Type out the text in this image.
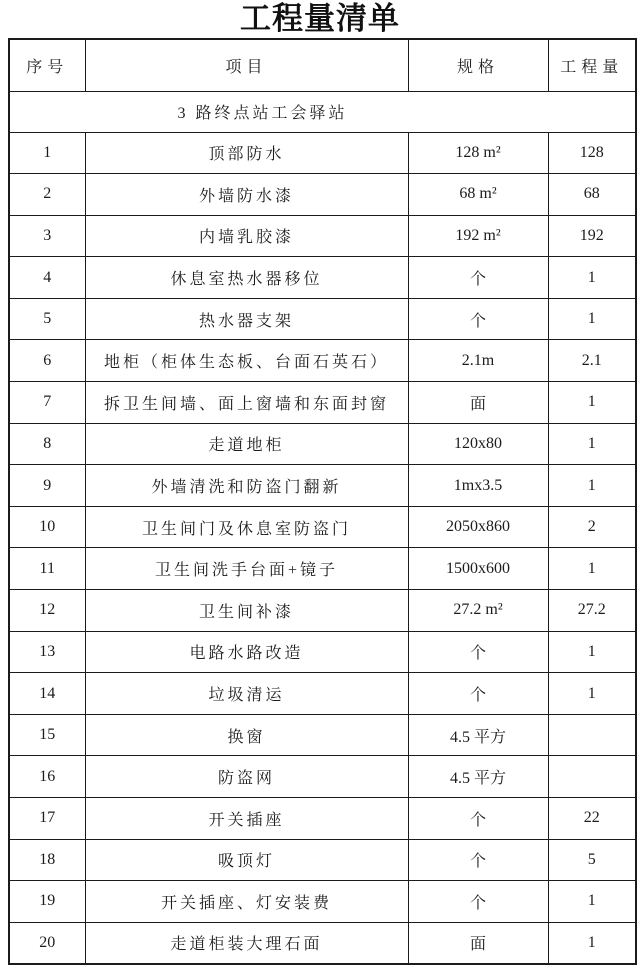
工程量清单
序号	项目	规格	工程量
3 路终点站工会驿站			
1	顶部防水	128 m²	128
2	外墙防水漆	68 m²	68
3	内墙乳胶漆	192 m²	192
4	休息室热水器移位	个	1
5	热水器支架	个	1
6	地柜（柜体生态板、台面石英石）	2.1m	2.1
7	拆卫生间墙、面上窗墙和东面封窗	面	1
8	走道地柜	120x80	1
9	外墙清洗和防盗门翻新	1mx3.5	1
10	卫生间门及休息室防盗门	2050x860	2
11	卫生间洗手台面+镜子	1500x600	1
12	卫生间补漆	27.2 m²	27.2
13	电路水路改造	个	1
14	垃圾清运	个	1
15	换窗	4.5 平方	
16	防盗网	4.5 平方	
17	开关插座	个	22
18	吸顶灯	个	5
19	开关插座、灯安装费	个	1
20	走道柜装大理石面	面	1
